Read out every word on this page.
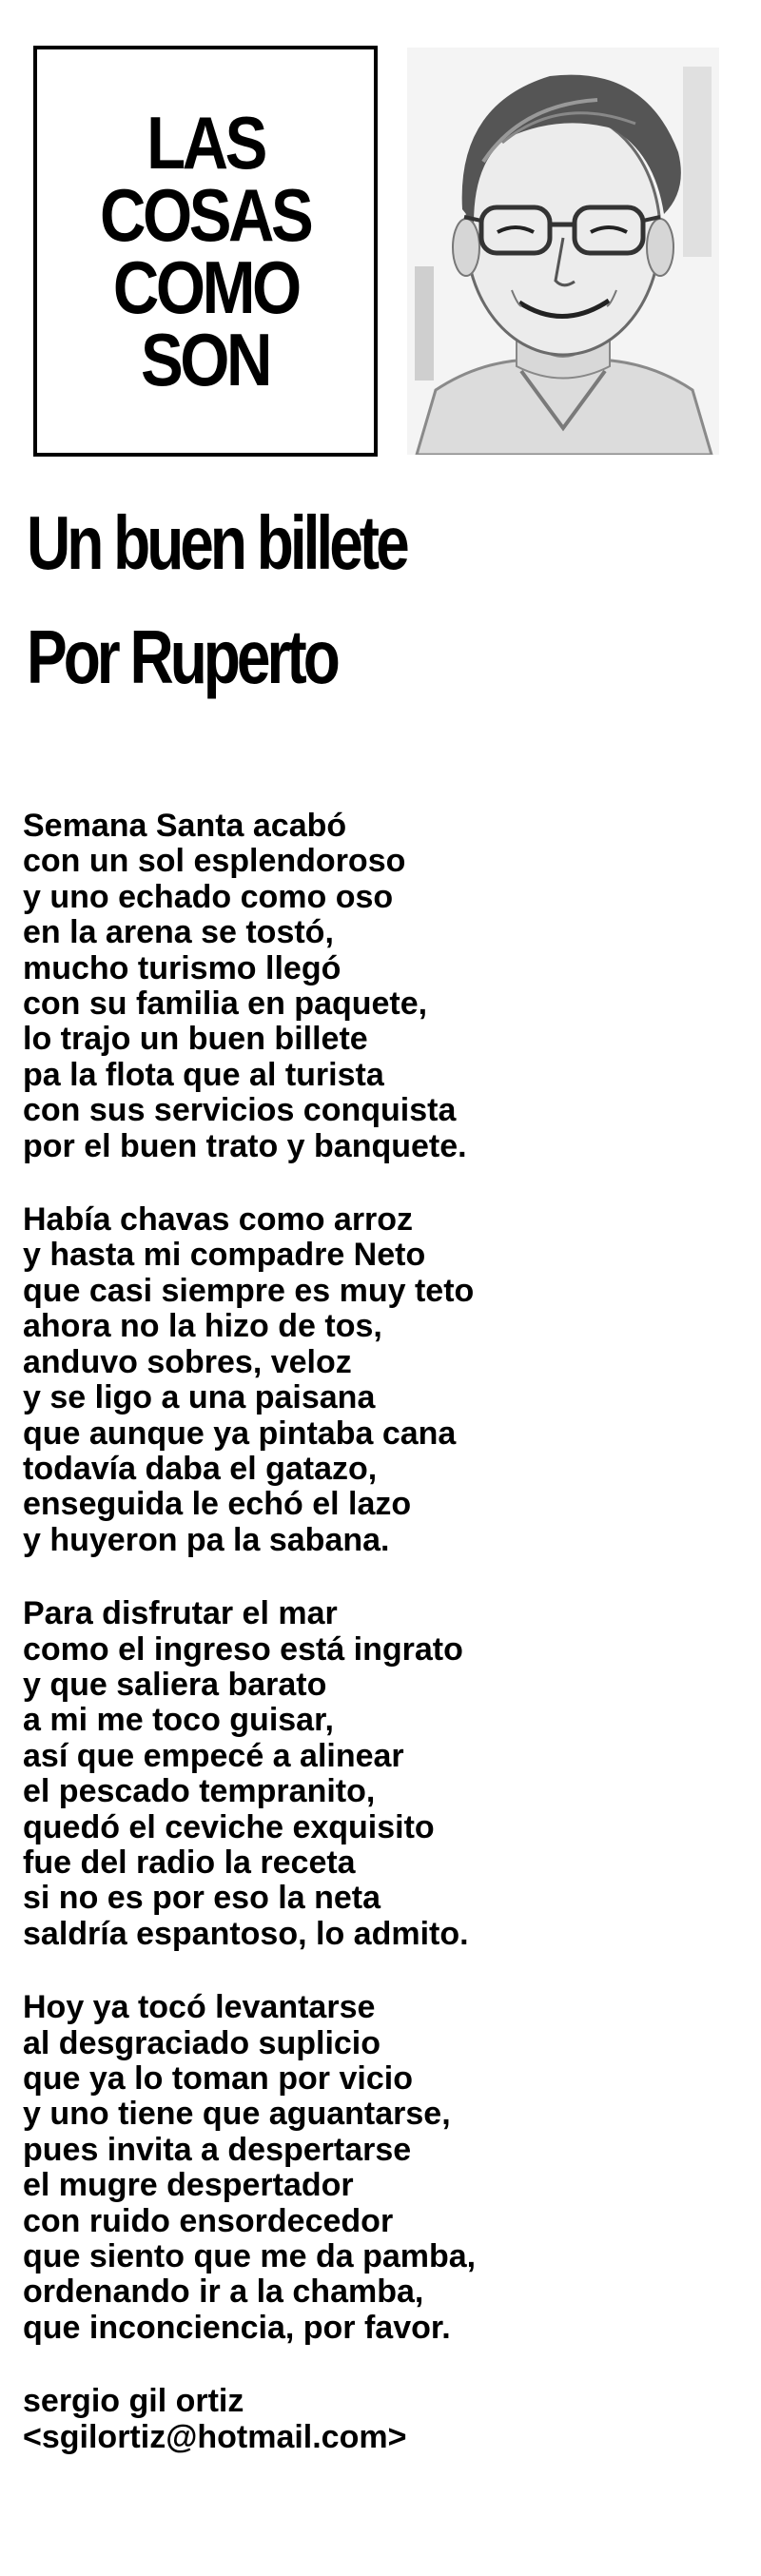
LAS
COSAS
COMO
SON
Un buen billete
Por Ruperto
Semana Santa acabó
con un sol esplendoroso
y uno echado como oso
en la arena se tostó,
mucho turismo llegó
con su familia en paquete,
lo trajo un buen billete
pa la flota que al turista
con sus servicios conquista
por el buen trato y banquete.
Había chavas como arroz
y hasta mi compadre Neto
que casi siempre es muy teto
ahora no la hizo de tos,
anduvo sobres, veloz
y se ligo a una paisana
que aunque ya pintaba cana
todavía daba el gatazo,
enseguida le echó el lazo
y huyeron pa la sabana.
Para disfrutar el mar
como el ingreso está ingrato
y que saliera barato
a mi me toco guisar,
así que empecé a alinear
el pescado tempranito,
quedó el ceviche exquisito
fue del radio la receta
si no es por eso la neta
saldría espantoso, lo admito.
Hoy ya tocó levantarse
al desgraciado suplicio
que ya lo toman por vicio
y uno tiene que aguantarse,
pues invita a despertarse
el mugre despertador
con ruido ensordecedor
que siento que me da pamba,
ordenando ir a la chamba,
que inconciencia, por favor.
sergio gil ortiz
<sgilortiz@hotmail.com>
